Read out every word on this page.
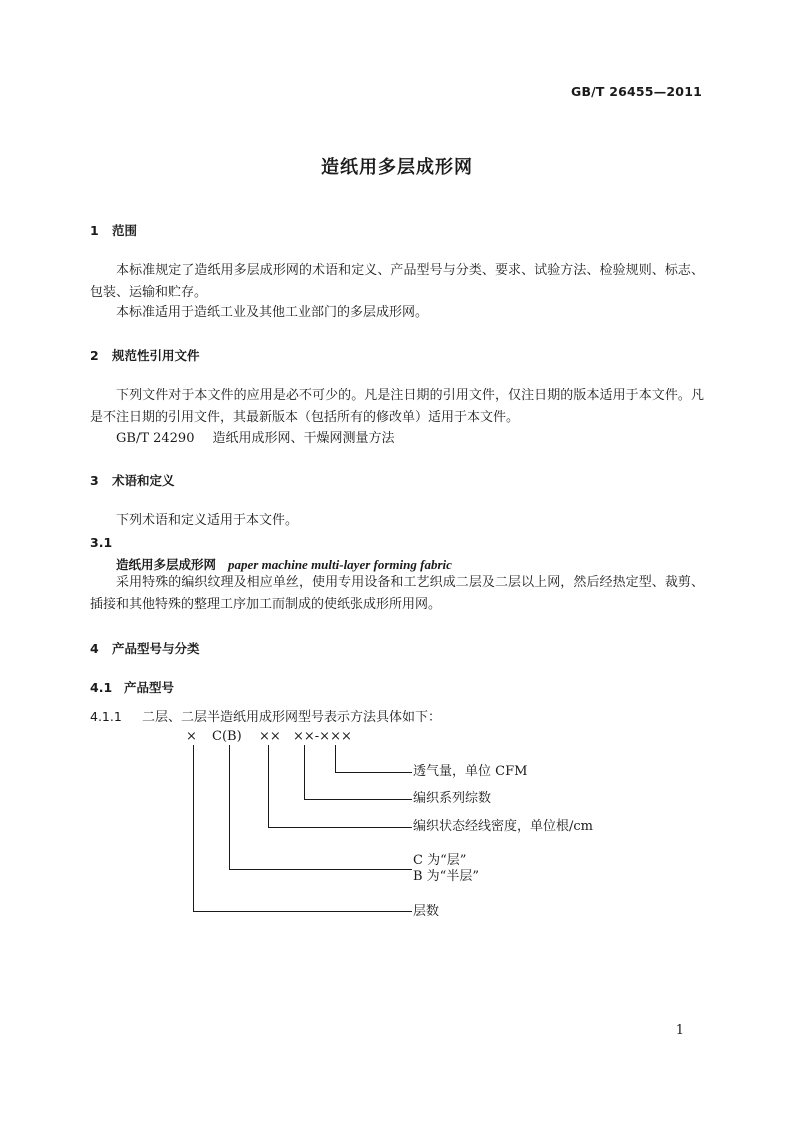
GB/T 26455—2011
造纸用多层成形网
1 范围
本标准规定了造纸用多层成形网的术语和定义、产品型号与分类、要求、试验方法、检验规则、标志、包装、运输和贮存。
本标准适用于造纸工业及其他工业部门的多层成形网。
2 规范性引用文件
下列文件对于本文件的应用是必不可少的。凡是注日期的引用文件，仅注日期的版本适用于本文件。凡是不注日期的引用文件，其最新版本（包括所有的修改单）适用于本文件。
GB/T 24290 造纸用成形网、干燥网测量方法
3 术语和定义
下列术语和定义适用于本文件。
3.1
造纸用多层成形网 paper machine multi-layer forming fabric
采用特殊的编织纹理及相应单丝，使用专用设备和工艺织成二层及二层以上网，然后经热定型、裁剪、插接和其他特殊的整理工序加工而制成的使纸张成形所用网。
4 产品型号与分类
4.1 产品型号
4.1.1 二层、二层半造纸用成形网型号表示方法具体如下：
× C(B) ×× ××-×××
透气量，单位 CFM
编织系列综数
编织状态经线密度，单位根/cm
C 为“层”
B 为“半层”
层数
1
